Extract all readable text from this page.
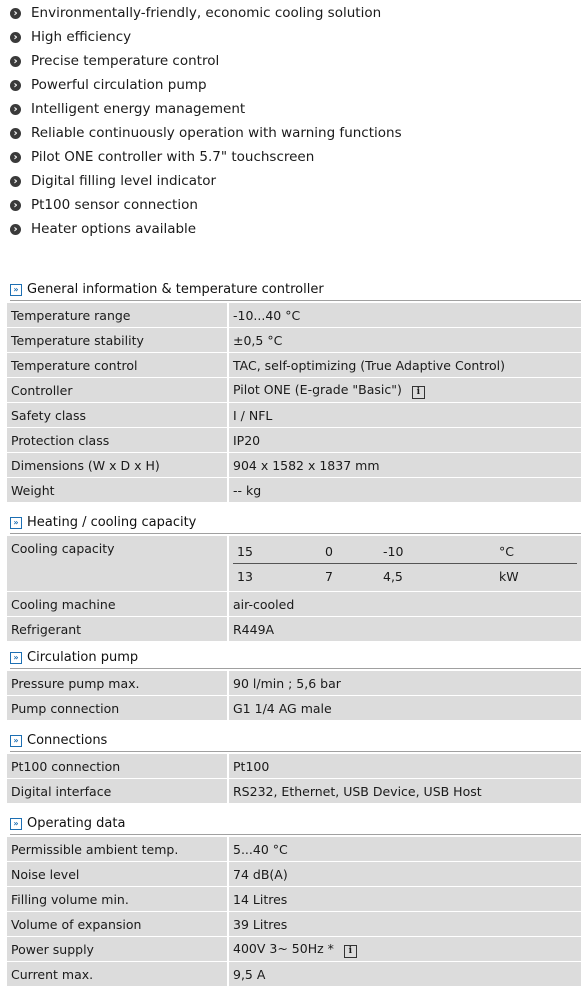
›
Environmentally-friendly, economic cooling solution
›
High efficiency
›
Precise temperature control
›
Powerful circulation pump
›
Intelligent energy management
›
Reliable continuously operation with warning functions
›
Pilot ONE controller with 5.7" touchscreen
›
Digital filling level indicator
›
Pt100 sensor connection
›
Heater options available
»
General information & temperature controller
Temperature range	-10...40 °C
Temperature stability	±0,5 °C
Temperature control	TAC, self-optimizing (True Adaptive Control)
Controller	Pilot ONE (E-grade "Basic") i
Safety class	I / NFL
Protection class	IP20
Dimensions (W x D x H)	904 x 1582 x 1837 mm
Weight	-- kg
»
Heating / cooling capacity
Cooling capacity		15	0	-10	°C
13	7	4,5	kW

Cooling machine	air-cooled
Refrigerant	R449A
»
Circulation pump
Pressure pump max.	90 l/min ; 5,6 bar
Pump connection	G1 1/4 AG male
»
Connections
Pt100 connection	Pt100
Digital interface	RS232, Ethernet, USB Device, USB Host
»
Operating data
Permissible ambient temp.	5...40 °C
Noise level	74 dB(A)
Filling volume min.	14 Litres
Volume of expansion	39 Litres
Power supply	400V 3~ 50Hz * i
Current max.	9,5 A
